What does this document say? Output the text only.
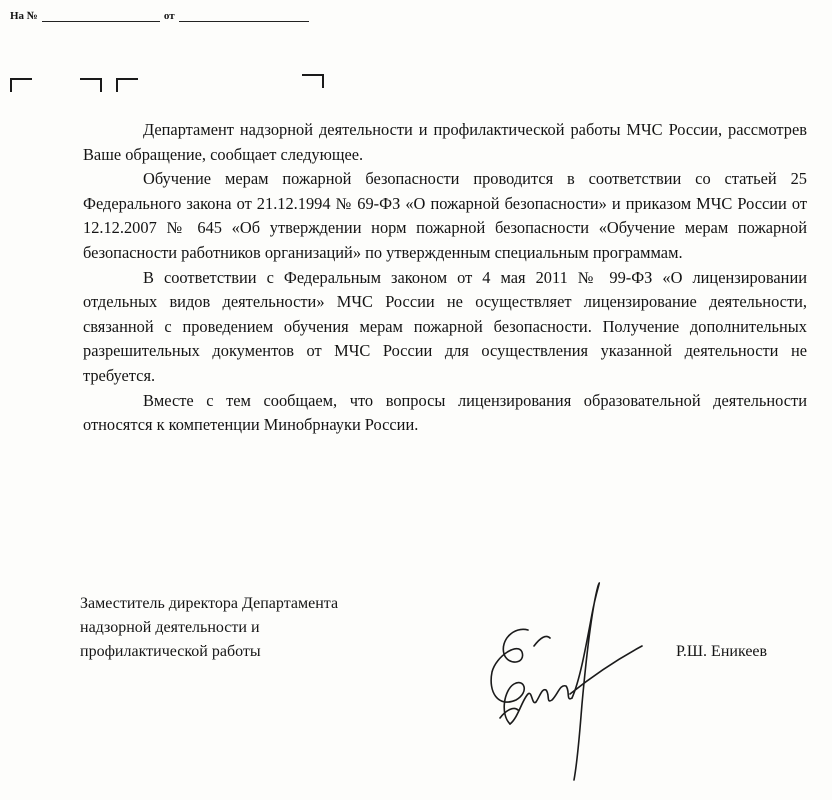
На №	от

Департамент надзорной деятельности и профилактической работы МЧС России, рассмотрев Ваше обращение, сообщает следующее.

Обучение мерам пожарной безопасности проводится в соответствии со статьей 25 Федерального закона от 21.12.1994 № 69-ФЗ «О пожарной безопасности» и приказом МЧС России от 12.12.2007 № 645 «Об утверждении норм пожарной безопасности «Обучение мерам пожарной безопасности работников организаций» по утвержденным специальным программам.

В соответствии с Федеральным законом от 4 мая 2011 № 99-ФЗ «О лицензировании отдельных видов деятельности» МЧС России не осуществляет лицензирование деятельности, связанной с проведением обучения мерам пожарной безопасности. Получение дополнительных разрешительных документов от МЧС России для осуществления указанной деятельности не требуется.

Вместе с тем сообщаем, что вопросы лицензирования образовательной деятельности относятся к компетенции Минобрнауки России.

Заместитель директора Департамента
надзорной деятельности и
профилактической работы	Р.Ш. Еникеев
